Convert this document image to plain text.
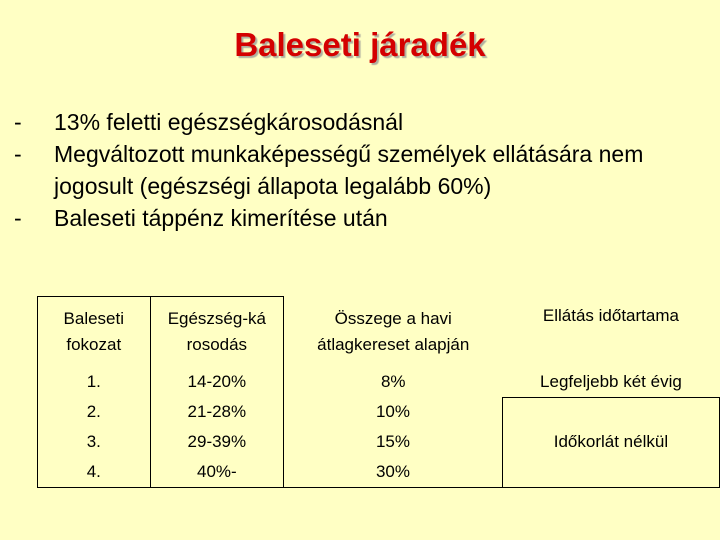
Baleseti járadék
- 13% feletti egészségkárosodásnál
- Megváltozott munkaképességű személyek ellátására nem jogosult (egészségi állapota legalább 60%)
- Baleseti táppénz kimerítése után
Baleseti fokozat	Egészség-károsodás	Összege a havi átlagkereset alapján	Ellátás időtartama

1.	14-20%	8%	Legfeljebb két évig
2.	21-28%	10%	Időkorlát nélkül
3.	29-39%	15%	
4.	40%-	30%	
